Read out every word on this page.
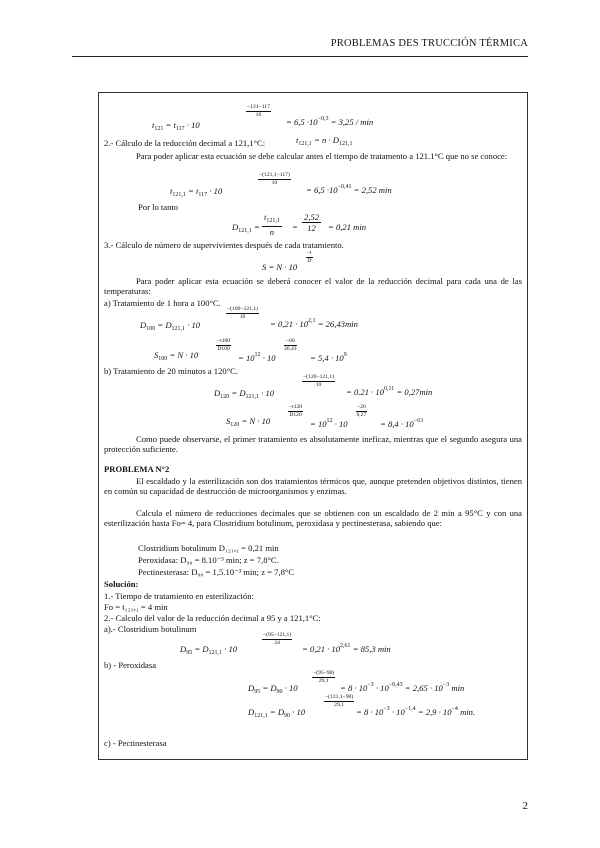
PROBLEMAS DES TRUCCIÓN TÉRMICA
$t_{121} = t_{117} \cdot 10$
$\frac{-121-117}{10}$
= $6,5 \cdot 10^{-0,3} = 3,25 / \min$
2.- Cálculo de la reducción decimal a 121,1°C:	$t_{121,1} = n \cdot D_{121,1}$
Para poder aplicar esta ecuación se debe calcular antes el tiempo de tratamento a 121.1°C que no se conoce:
$t_{121,1} = t_{117} \cdot 10$
$\frac{-(121,1-117)}{10}$
= $6,5 \cdot 10^{-0,41} = 2,52$ min
Por lo tanto
$D_{121,1} = \frac{t_{121,1}}{n} = \frac{2,52}{12} = 0,21$ min
3.- Cálculo de número de supervivientes después de cada tratamiento.
S = N · 10
$\frac{-t}{D}$
Para poder aplicar esta ecuación se deberá conocer el valor de la reducción decimal para cada una de las temperaturas:
a) Tratamiento de 1 hora a 100°C.
$D_{100} = D_{121,1} \cdot 10$
$\frac{-(100-121,1)}{10}$
= $0,21 \cdot 10^{2,1} = 26,43\min$
$S_{100} = N \cdot 10$
$\frac{-t100}{D100}$
= $10^{12} \cdot 10$
$\frac{-60}{26,43}$
= $5,4 \cdot 10^9$
b) Tratamiento de 20 minutos a 120°C.
$D_{120} = D_{121,1} \cdot 10$
$\frac{-(120-121,1)}{10}$
= $0.21 \cdot 10^{0,11} = 0,27\min$
$S_{120} = N \cdot 10$
$\frac{-t120}{D120}$
= $10^{12} \cdot 10$
$\frac{-20}{0,27}$
= $8,4 \cdot 10^{-63}$
Como puede observarse, el primer tratamiento es absolutamente ineficaz, mientras que el segundo asegura una protección suficiente.
PROBLEMA N°2
El escaldado y la esterilización son dos tratamientos térmicos que, aunque pretenden objetivos distintos, tienen en común su capacidad de destrucción de microorganismos y enzimas.
Calcula el número de reducciones decimales que se obtienen con un escaldado de 2 min a 95°C y con una esterilización hasta Fo= 4, para Clostridium botulinum, peroxidasa y pectinesterasa, sabiendo que:
Clostridium botulinum D₁₂₁,₁ = 0,21 min
Peroxidasa: D₉₀ = 8.10⁻³ min; z = 7,8°C.
Pectinesterasa: D₉₀ = 1,5.10⁻³ min; z = 7,8°C
Solución:
1.- Tiempo de tratamiento en esterilización:
Fo = t₁₂₁,₁ = 4 min
2.- Calculo del valor de la reducción decimal a 95 y a 121,1°C:
a).- Clostridium botulinum
$D_{95} = D_{121,1} \cdot 10$
$\frac{-(95-121,1)}{24}$
= $0,21 \cdot 10^{2,61} = 85,3$ min
b) - Peroxidasa
$D_{95} = D_{90} \cdot 10$
$\frac{-(95-90)}{29,1}$
= $8 \cdot 10^{-3} \cdot 10^{-0,43} = 2,65 \cdot 10^{-3}$ min
$D_{121,1} = D_{90} \cdot 10$
$\frac{-(121,1-90)}{29,1}$
= $8 \cdot 10^{-3} \cdot 10^{-1,4} = 2,9 \cdot 10^{-4}$ min.
c) - Pectinesterasa
2
